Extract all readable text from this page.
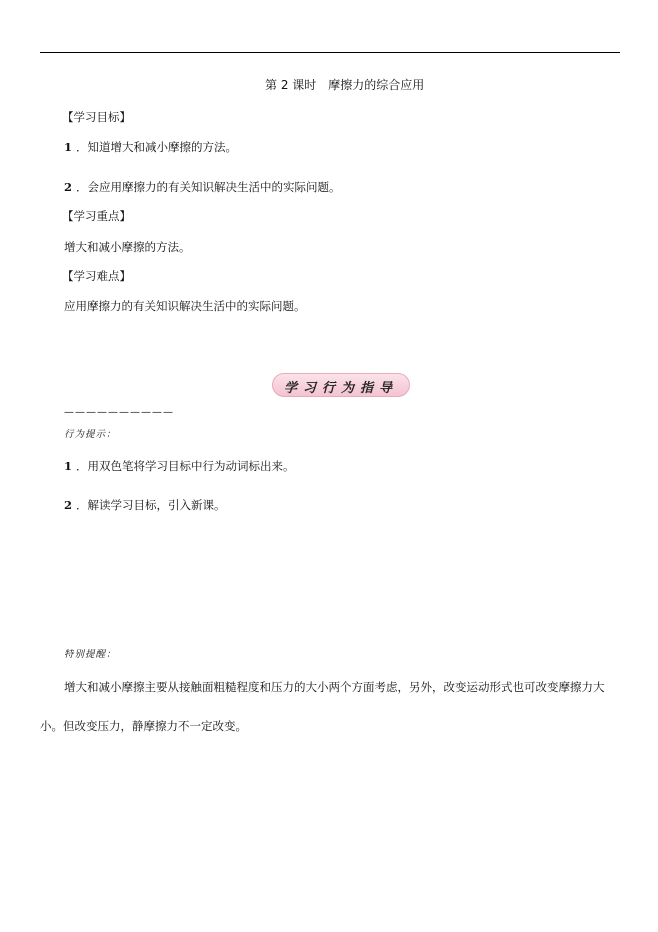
第 2 课时　摩擦力的综合应用
【学习目标】
1 ．知道增大和减小摩擦的方法。
2 ．会应用摩擦力的有关知识解决生活中的实际问题。
【学习重点】
增大和减小摩擦的方法。
【学习难点】
应用摩擦力的有关知识解决生活中的实际问题。
学习行为指导
——————————
行为提示：
1 ．用双色笔将学习目标中行为动词标出来。
2 ．解读学习目标，引入新课。
特别提醒：
增大和减小摩擦主要从接触面粗糙程度和压力的大小两个方面考虑，另外，改变运动形式也可改变摩擦力大
小。但改变压力，静摩擦力不一定改变。
